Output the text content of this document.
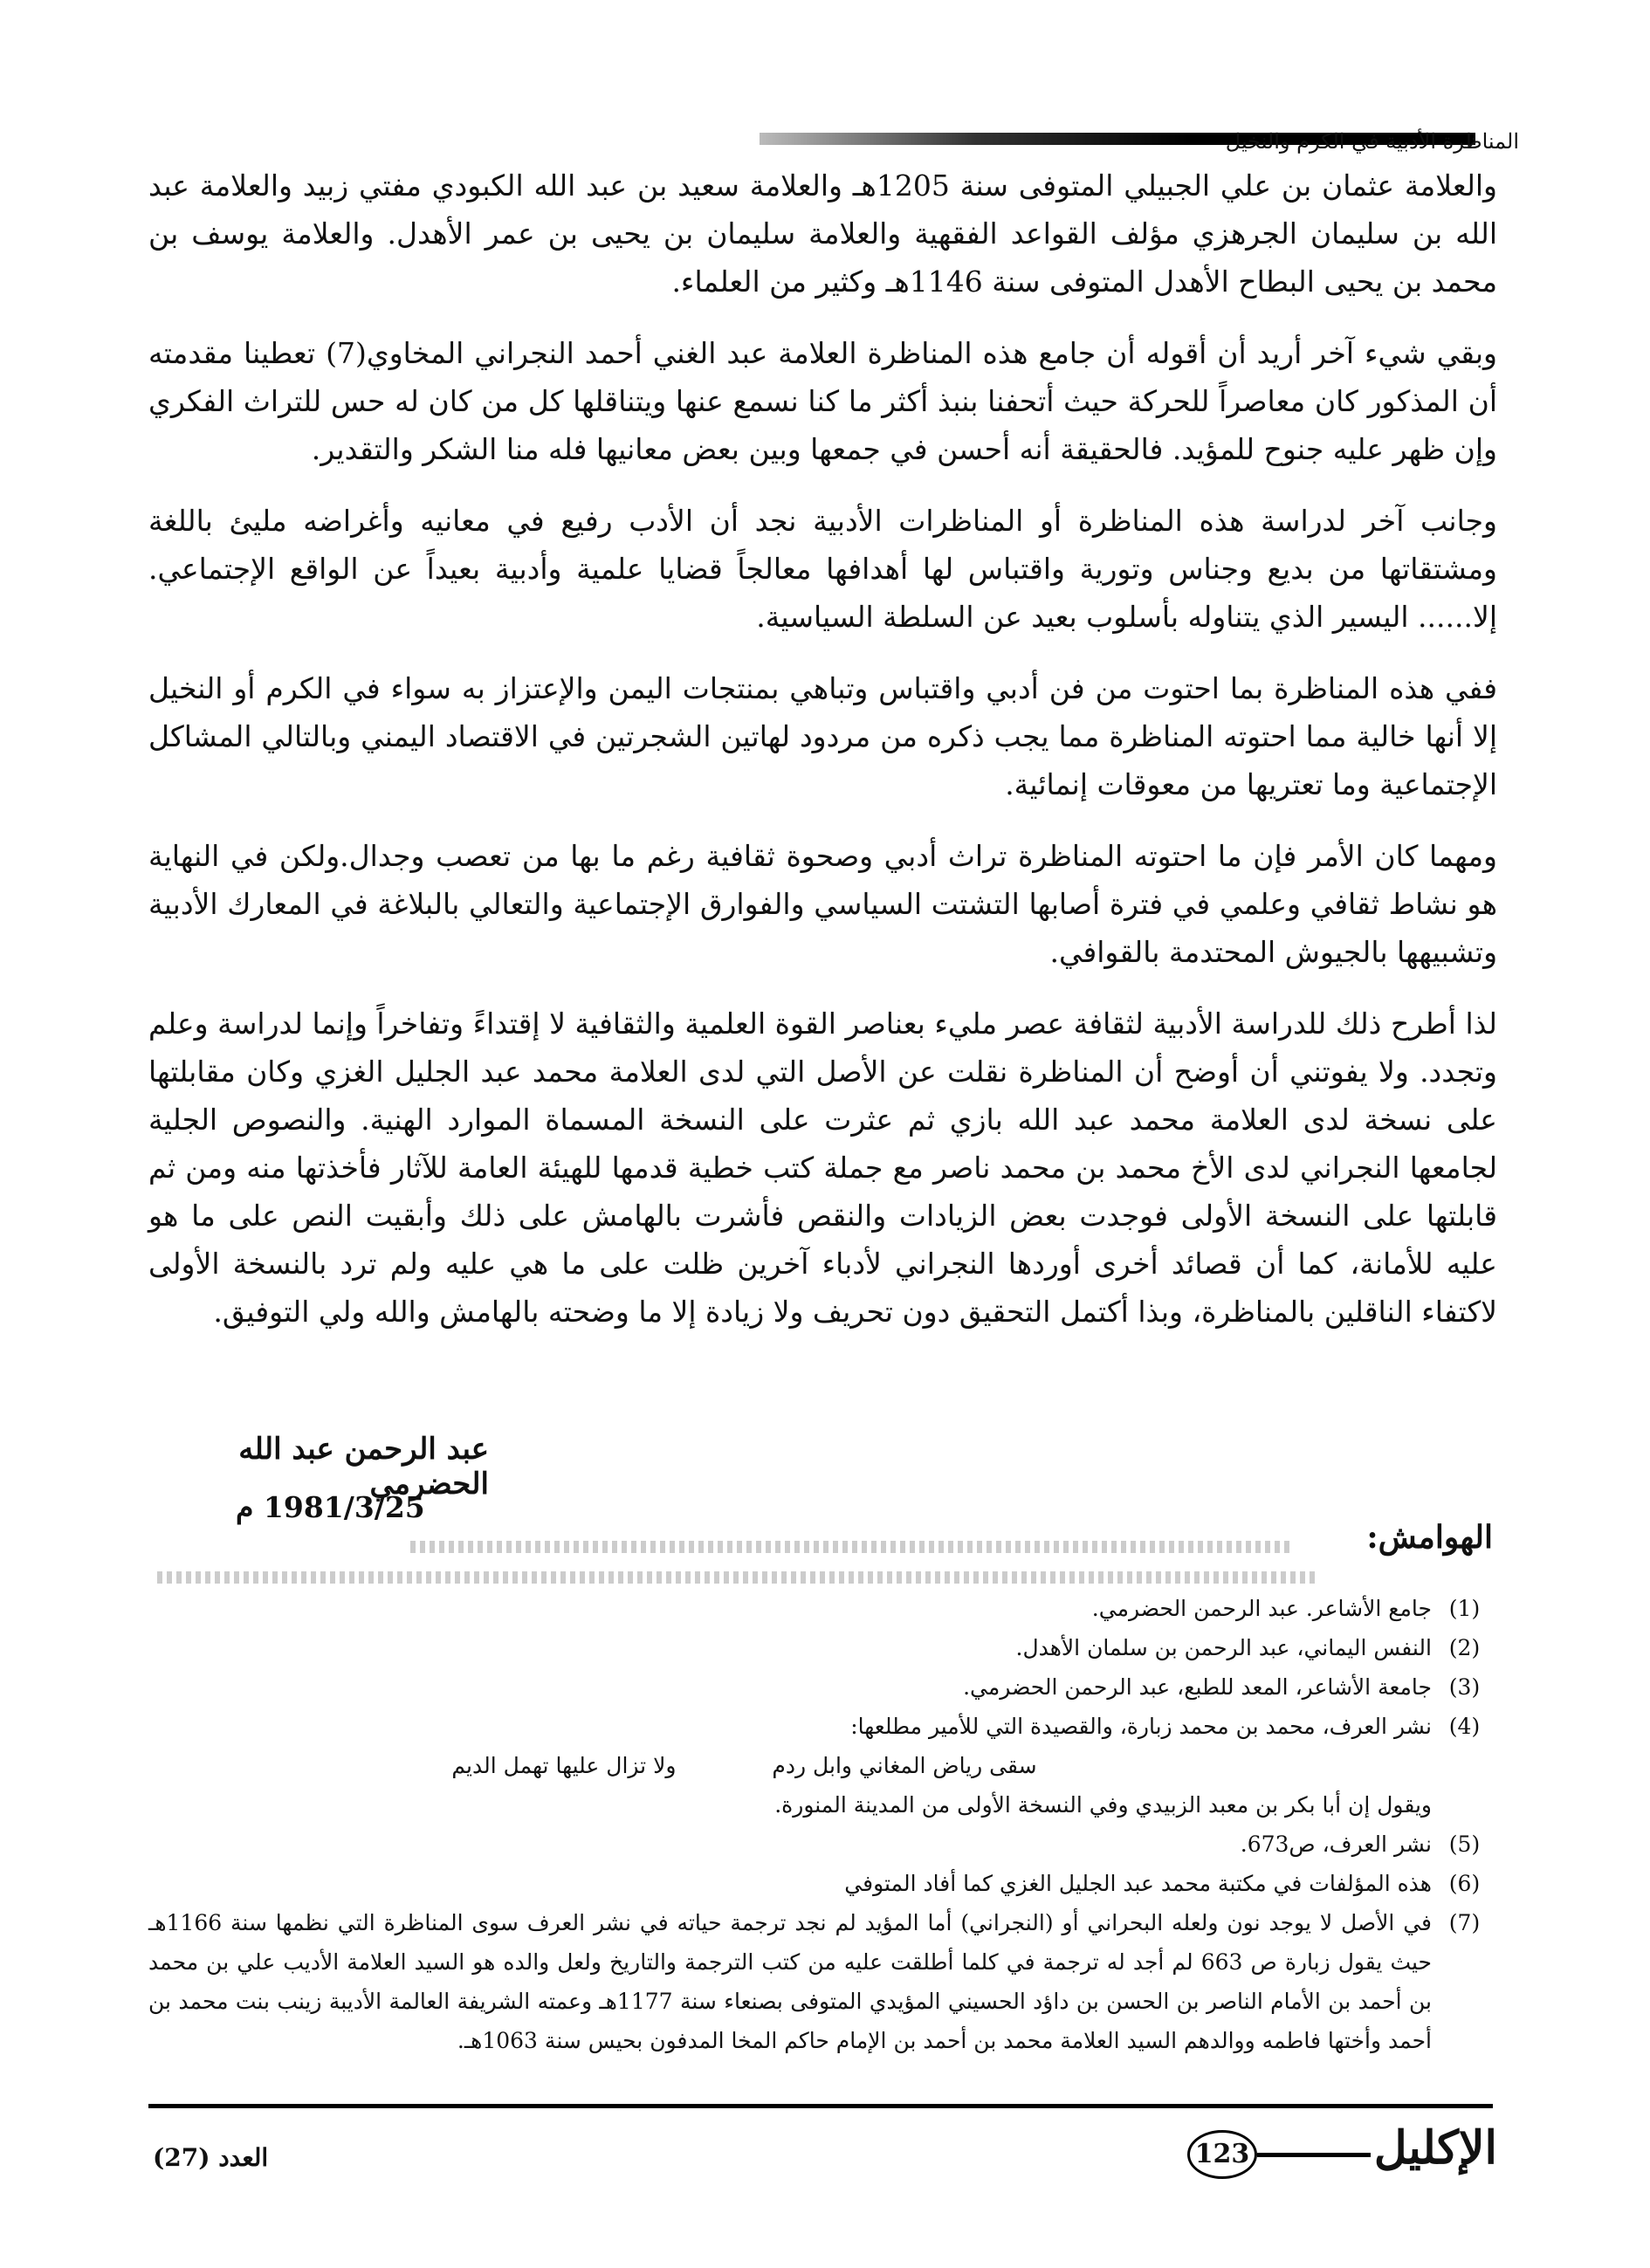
المناظرة الأدبية في الكرم والنخيل

والعلامة عثمان بن علي الجبيلي المتوفى سنة 1205هـ والعلامة سعيد بن عبد الله الكبودي مفتي زبيد والعلامة عبد الله بن سليمان الجرهزي مؤلف القواعد الفقهية والعلامة سليمان بن يحيى بن عمر الأهدل. والعلامة يوسف بن محمد بن يحيى البطاح الأهدل المتوفى سنة 1146هـ وكثير من العلماء.

وبقي شيء آخر أريد أن أقوله أن جامع هذه المناظرة العلامة عبد الغني أحمد النجراني المخاوي(7) تعطينا مقدمته أن المذكور كان معاصراً للحركة حيث أتحفنا بنبذ أكثر ما كنا نسمع عنها ويتناقلها كل من كان له حس للتراث الفكري وإن ظهر عليه جنوح للمؤيد. فالحقيقة أنه أحسن في جمعها وبين بعض معانيها فله منا الشكر والتقدير.

وجانب آخر لدراسة هذه المناظرة أو المناظرات الأدبية نجد أن الأدب رفيع في معانيه وأغراضه مليئ باللغة ومشتقاتها من بديع وجناس وتورية واقتباس لها أهدافها معالجاً قضايا علمية وأدبية بعيداً عن الواقع الإجتماعي. إلا...... اليسير الذي يتناوله بأسلوب بعيد عن السلطة السياسية.

ففي هذه المناظرة بما احتوت من فن أدبي واقتباس وتباهي بمنتجات اليمن والإعتزاز به سواء في الكرم أو النخيل إلا أنها خالية مما احتوته المناظرة مما يجب ذكره من مردود لهاتين الشجرتين في الاقتصاد اليمني وبالتالي المشاكل الإجتماعية وما تعتريها من معوقات إنمائية.

ومهما كان الأمر فإن ما احتوته المناظرة تراث أدبي وصحوة ثقافية رغم ما بها من تعصب وجدال.ولكن في النهاية هو نشاط ثقافي وعلمي في فترة أصابها التشتت السياسي والفوارق الإجتماعية والتعالي بالبلاغة في المعارك الأدبية وتشبيهها بالجيوش المحتدمة بالقوافي.

لذا أطرح ذلك للدراسة الأدبية لثقافة عصر مليء بعناصر القوة العلمية والثقافية لا إقتداءً وتفاخراً وإنما لدراسة وعلم وتجدد. ولا يفوتني أن أوضح أن المناظرة نقلت عن الأصل التي لدى العلامة محمد عبد الجليل الغزي وكان مقابلتها على نسخة لدى العلامة محمد عبد الله بازي ثم عثرت على النسخة المسماة الموارد الهنية. والنصوص الجلية لجامعها النجراني لدى الأخ محمد بن محمد ناصر مع جملة كتب خطية قدمها للهيئة العامة للآثار فأخذتها منه ومن ثم قابلتها على النسخة الأولى فوجدت بعض الزيادات والنقص فأشرت بالهامش على ذلك وأبقيت النص على ما هو عليه للأمانة، كما أن قصائد أخرى أوردها النجراني لأدباء آخرين ظلت على ما هي عليه ولم ترد بالنسخة الأولى لاكتفاء الناقلين بالمناظرة، وبذا أكتمل التحقيق دون تحريف ولا زيادة إلا ما وضحته بالهامش والله ولي التوفيق.

عبد الرحمن عبد الله الحضرمي
1981/3/25 م
الهوامش:
(1)
جامع الأشاعر. عبد الرحمن الحضرمي.
(2)
النفس اليماني، عبد الرحمن بن سلمان الأهدل.
(3)
جامعة الأشاعر، المعد للطبع، عبد الرحمن الحضرمي.
(4)
نشر العرف، محمد بن محمد زبارة، والقصيدة التي للأمير مطلعها:
سقى رياض المغاني وابل ردم
ولا تزال عليها تهمل الديم
ويقول إن أبا بكر بن معبد الزبيدي وفي النسخة الأولى من المدينة المنورة.
(5)
نشر العرف، ص673.
(6)
هذه المؤلفات في مكتبة محمد عبد الجليل الغزي كما أفاد المتوفي
(7)
في الأصل لا يوجد نون ولعله البحراني أو (النجراني) أما المؤيد لم نجد ترجمة حياته في نشر العرف سوى المناظرة التي نظمها سنة 1166هـ حيث يقول زبارة ص 663 لم أجد له ترجمة في كلما أطلقت عليه من كتب الترجمة والتاريخ ولعل والده هو السيد العلامة الأديب علي بن محمد بن أحمد بن الأمام الناصر بن الحسن بن داؤد الحسيني المؤيدي المتوفى بصنعاء سنة 1177هـ وعمته الشريفة العالمة الأديبة زينب بنت محمد بن أحمد وأختها فاطمه ووالدهم السيد العلامة محمد بن أحمد بن الإمام حاكم المخا المدفون بحيس سنة 1063هـ.
العدد (27)	123	الإكليل
